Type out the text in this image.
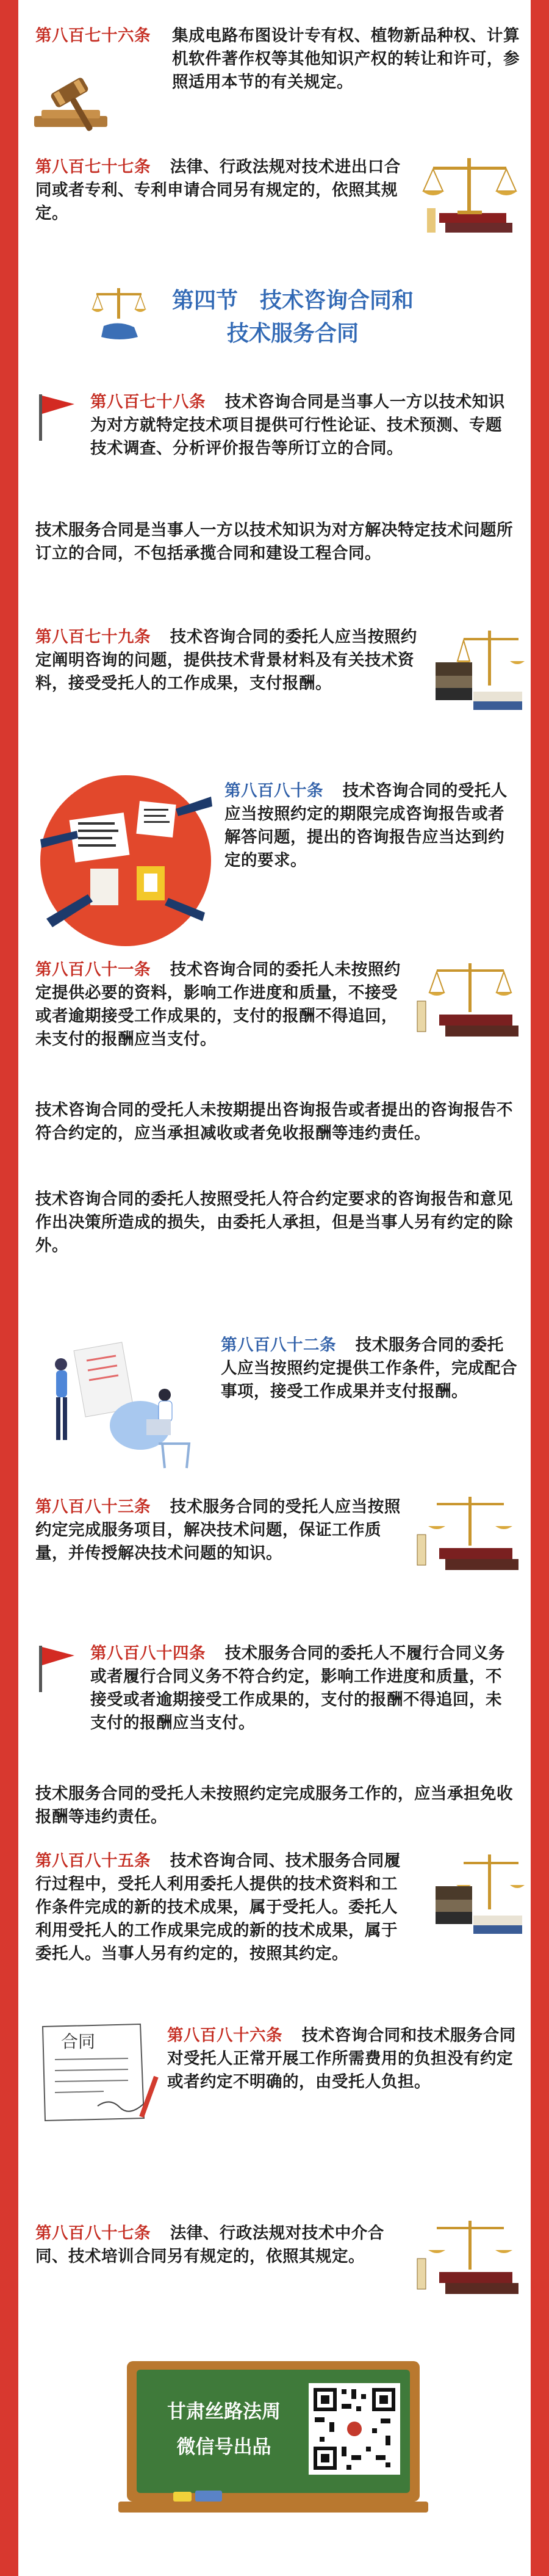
第八百七十六条	集成电路布图设计专有权、植物新品种权、计算机软件著作权等其他知识产权的转让和许可，参照适用本节的有关规定。

第八百七十七条 法律、行政法规对技术进出口合同或者专利、专利申请合同另有规定的，依照其规定。

第四节　技术咨询合同和
技术服务合同

第八百七十八条 技术咨询合同是当事人一方以技术知识为对方就特定技术项目提供可行性论证、技术预测、专题技术调查、分析评价报告等所订立的合同。

技术服务合同是当事人一方以技术知识为对方解决特定技术问题所订立的合同，不包括承揽合同和建设工程合同。

第八百七十九条 技术咨询合同的委托人应当按照约定阐明咨询的问题，提供技术背景材料及有关技术资料，接受受托人的工作成果，支付报酬。

第八百八十条 技术咨询合同的受托人应当按照约定的期限完成咨询报告或者解答问题，提出的咨询报告应当达到约定的要求。

第八百八十一条 技术咨询合同的委托人未按照约定提供必要的资料，影响工作进度和质量，不接受或者逾期接受工作成果的，支付的报酬不得追回，未支付的报酬应当支付。

技术咨询合同的受托人未按期提出咨询报告或者提出的咨询报告不符合约定的，应当承担减收或者免收报酬等违约责任。

技术咨询合同的委托人按照受托人符合约定要求的咨询报告和意见作出决策所造成的损失，由委托人承担，但是当事人另有约定的除外。

第八百八十二条 技术服务合同的委托人应当按照约定提供工作条件，完成配合事项，接受工作成果并支付报酬。

第八百八十三条 技术服务合同的受托人应当按照约定完成服务项目，解决技术问题，保证工作质量，并传授解决技术问题的知识。

第八百八十四条 技术服务合同的委托人不履行合同义务或者履行合同义务不符合约定，影响工作进度和质量，不接受或者逾期接受工作成果的，支付的报酬不得追回，未支付的报酬应当支付。

技术服务合同的受托人未按照约定完成服务工作的，应当承担免收报酬等违约责任。

第八百八十五条 技术咨询合同、技术服务合同履行过程中，受托人利用委托人提供的技术资料和工作条件完成的新的技术成果，属于受托人。委托人利用受托人的工作成果完成的新的技术成果，属于委托人。当事人另有约定的，按照其约定。

合同	第八百八十六条 技术咨询合同和技术服务合同对受托人正常开展工作所需费用的负担没有约定或者约定不明确的，由受托人负担。

第八百八十七条 法律、行政法规对技术中介合同、技术培训合同另有规定的，依照其规定。

甘肃丝路法周
微信号出品
